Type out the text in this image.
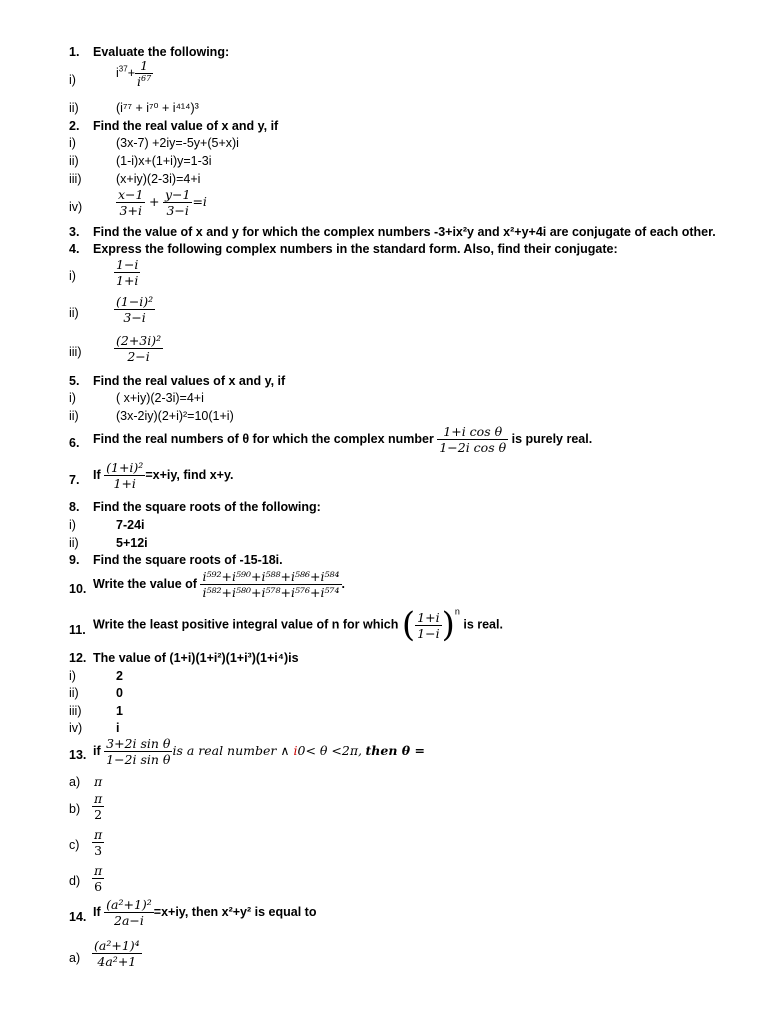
1. Evaluate the following:
i)
$i^{37}+ \frac{1}{i^{67}}$
ii)	(i⁷⁷ + i⁷⁰ + i⁴¹⁴)³
2. Find the real value of x and y, if
i)	(3x-7) +2iy=-5y+(5+x)i
ii)	(1-i)x+(1+i)y=1-3i
iii)	(x+iy)(2-3i)=4+i
iv)	$\frac{x-1}{3+i} + \frac{y-1}{3-i} =i$
3. Find the value of x and y for which the complex numbers -3+ix²y and x²+y+4i are conjugate of each other.
4. Express the following complex numbers in the standard form. Also, find their conjugate:
i)	$\frac{1-i}{1+i}$
ii)	$\frac{\text{(1−i)²}}{3-i}$
iii)	$\frac{\text{(2+3i)²}}{2-i}$
5. Find the real values of x and y, if
i)	( x+iy)(2-3i)=4+i
ii)	(3x-2iy)(2+i)²=10(1+i)
6. Find the real numbers of θ for which the complex number $\frac{\text{1+i cos θ}}{\text{1−2i cos θ}}$ is purely real.
7. If $\frac{\text{(1+i)²}}{1+i} =x+iy$, find x+y.
8. Find the square roots of the following:
i)	7-24i
ii)	5+12i
9. Find the square roots of -15-18i.
10. Write the value of $\frac{\text{i⁵⁹²+i⁵⁹⁰+i⁵⁸⁸+i⁵⁸⁶+i⁵⁸⁴}}{\text{i⁵⁸²+i⁵⁸⁰+i⁵⁷⁸+i⁵⁷⁶+i⁵⁷⁴}}$ .
11. Write the least positive integral value of n for which ( $\frac{1+i}{1-i} )^n$ is real.
12. The value of (1+i)(1+i²)(1+i³)(1+i⁴)is
i)	2
ii)	0
iii)	1
iv)	i
13. if $\frac{\text{3+2i sin θ}}{\text{1−2i sin θ}}$ is a real number ∧ i0< θ <2π, then θ =
a) π
$b) \frac{\pi}{2}$
$c) \frac{\pi}{3}$
$d) \frac{\pi}{6}$
14. If $\frac{\text{(a²+1)²}}{2a-i} =x+iy$, then x²+y² is equal to
$a) \frac{\text{(a²+1)⁴}}{\text{4a²+1}}$
